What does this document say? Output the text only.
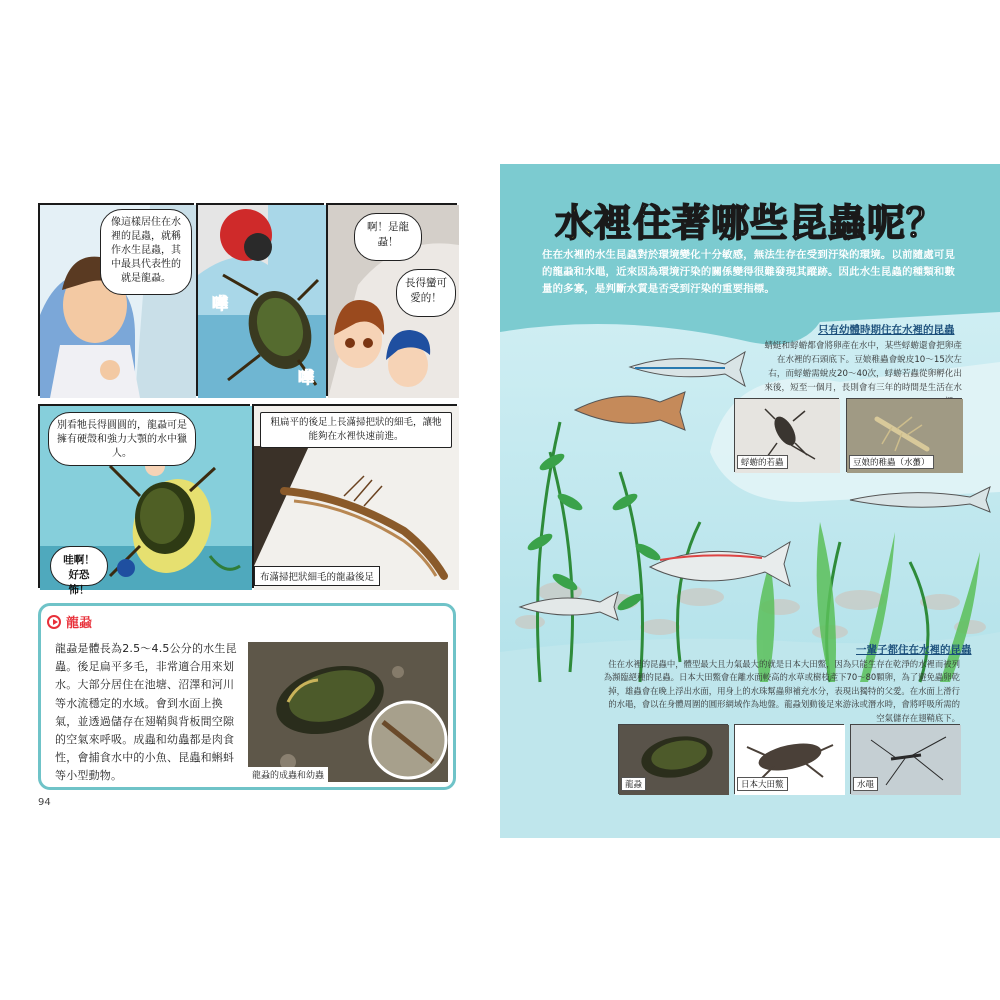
像這樣居住在水裡的昆蟲，就稱作水生昆蟲，其中最具代表性的就是龍蝨。
嘩
嘩
啊！是龍蝨！
長得蠻可愛的！
別看牠長得圓圓的，龍蝨可是擁有硬殼和強力大顎的水中獵人。
哇啊！好恐怖！
粗扁平的後足上長滿掃把狀的細毛，讓牠能夠在水裡快速前進。
布滿掃把狀細毛的龍蝨後足
龍蝨
龍蝨是體長為2.5～4.5公分的水生昆蟲。後足扁平多毛，非常適合用來划水。大部分居住在池塘、沼澤和河川等水流穩定的水域。會到水面上換氣，並透過儲存在翅鞘與背板間空隙的空氣來呼吸。成蟲和幼蟲都是肉食性，會捕食水中的小魚、昆蟲和蝌蚪等小型動物。	龍蝨的成蟲和幼蟲
94
水裡住著哪些昆蟲呢？
住在水裡的水生昆蟲對於環境變化十分敏感，無法生存在受到汙染的環境。以前隨處可見的龍蝨和水黽，近來因為環境汙染的關係變得很難發現其蹤跡。因此水生昆蟲的種類和數量的多寡，是判斷水質是否受到汙染的重要指標。
只有幼體時期住在水裡的昆蟲
蜻蜓和蜉蝣都會將卵產在水中，某些蜉蝣還會把卵產在水裡的石頭底下。豆娘稚蟲會蛻皮10～15次左右，而蜉蝣需蛻皮20～40次，蜉蝣若蟲從卵孵化出來後，短至一個月，長則會有三年的時間是生活在水
蜉蝣的若蟲	豆娘的稚蟲（水蠆）
一輩子都住在水裡的昆蟲
住在水裡的昆蟲中，體型最大且力氣最大的就是日本大田鱉，因為只能生存在乾淨的水裡而被列為瀕臨絕種的昆蟲。日本大田鱉會在離水面較高的水草或樹枝產下70～80顆卵，為了避免蟲卵乾掉，雄蟲會在晚上浮出水面，用身上的水珠幫蟲卵補充水分，表現出獨特的父愛。在水面上滑行的水黽，會以在身體周圍的圓形網域作為地盤。龍蝨划動後足來游泳或潛水時，會將呼吸所需的空氣儲存在翅鞘底下。
龍蝨	日本大田鱉	水黽
